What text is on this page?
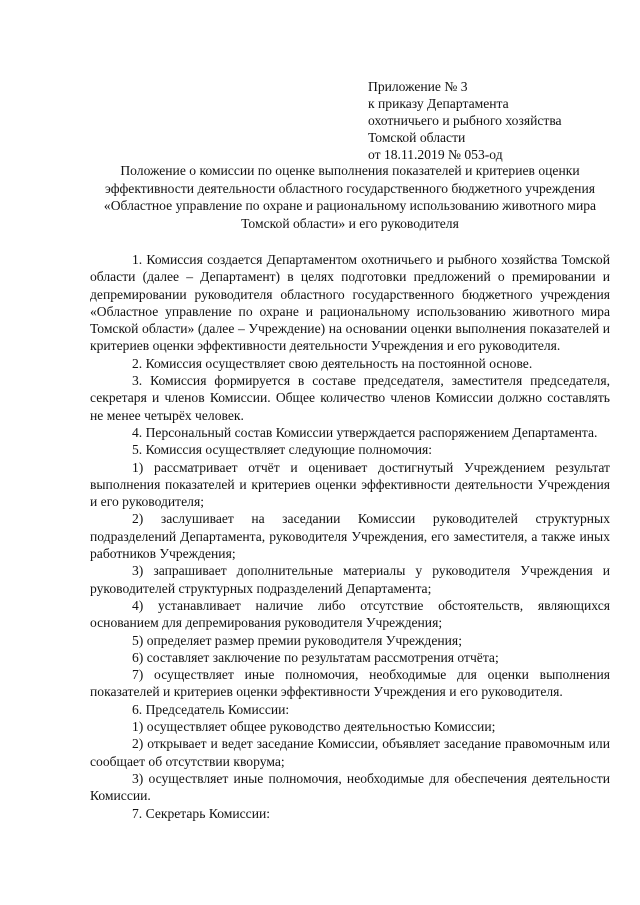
Приложение № 3
к приказу Департамента
охотничьего и рыбного хозяйства
Томской области
от 18.11.2019 № 053-од
Положение о комиссии по оценке выполнения показателей и критериев оценки
эффективности деятельности областного государственного бюджетного учреждения
«Областное управление по охране и рациональному использованию животного мира
Томской области» и его руководителя

1. Комиссия создается Департаментом охотничьего и рыбного хозяйства Томской области (далее – Департамент) в целях подготовки предложений о премировании и депремировании руководителя областного государственного бюджетного учреждения «Областное управление по охране и рациональному использованию животного мира Томской области» (далее – Учреждение) на основании оценки выполнения показателей и критериев оценки эффективности деятельности Учреждения и его руководителя.

2. Комиссия осуществляет свою деятельность на постоянной основе.

3. Комиссия формируется в составе председателя, заместителя председателя, секретаря и членов Комиссии. Общее количество членов Комиссии должно составлять не менее четырёх человек.

4. Персональный состав Комиссии утверждается распоряжением Департамента.

5. Комиссия осуществляет следующие полномочия:

1) рассматривает отчёт и оценивает достигнутый Учреждением результат выполнения показателей и критериев оценки эффективности деятельности Учреждения и его руководителя;

2) заслушивает на заседании Комиссии руководителей структурных подразделений Департамента, руководителя Учреждения, его заместителя, а также иных работников Учреждения;

3) запрашивает дополнительные материалы у руководителя Учреждения и руководителей структурных подразделений Департамента;

4) устанавливает наличие либо отсутствие обстоятельств, являющихся основанием для депремирования руководителя Учреждения;

5) определяет размер премии руководителя Учреждения;

6) составляет заключение по результатам рассмотрения отчёта;

7) осуществляет иные полномочия, необходимые для оценки выполнения показателей и критериев оценки эффективности Учреждения и его руководителя.

6. Председатель Комиссии:

1) осуществляет общее руководство деятельностью Комиссии;

2) открывает и ведет заседание Комиссии, объявляет заседание правомочным или сообщает об отсутствии кворума;

3) осуществляет иные полномочия, необходимые для обеспечения деятельности Комиссии.

7. Секретарь Комиссии:
